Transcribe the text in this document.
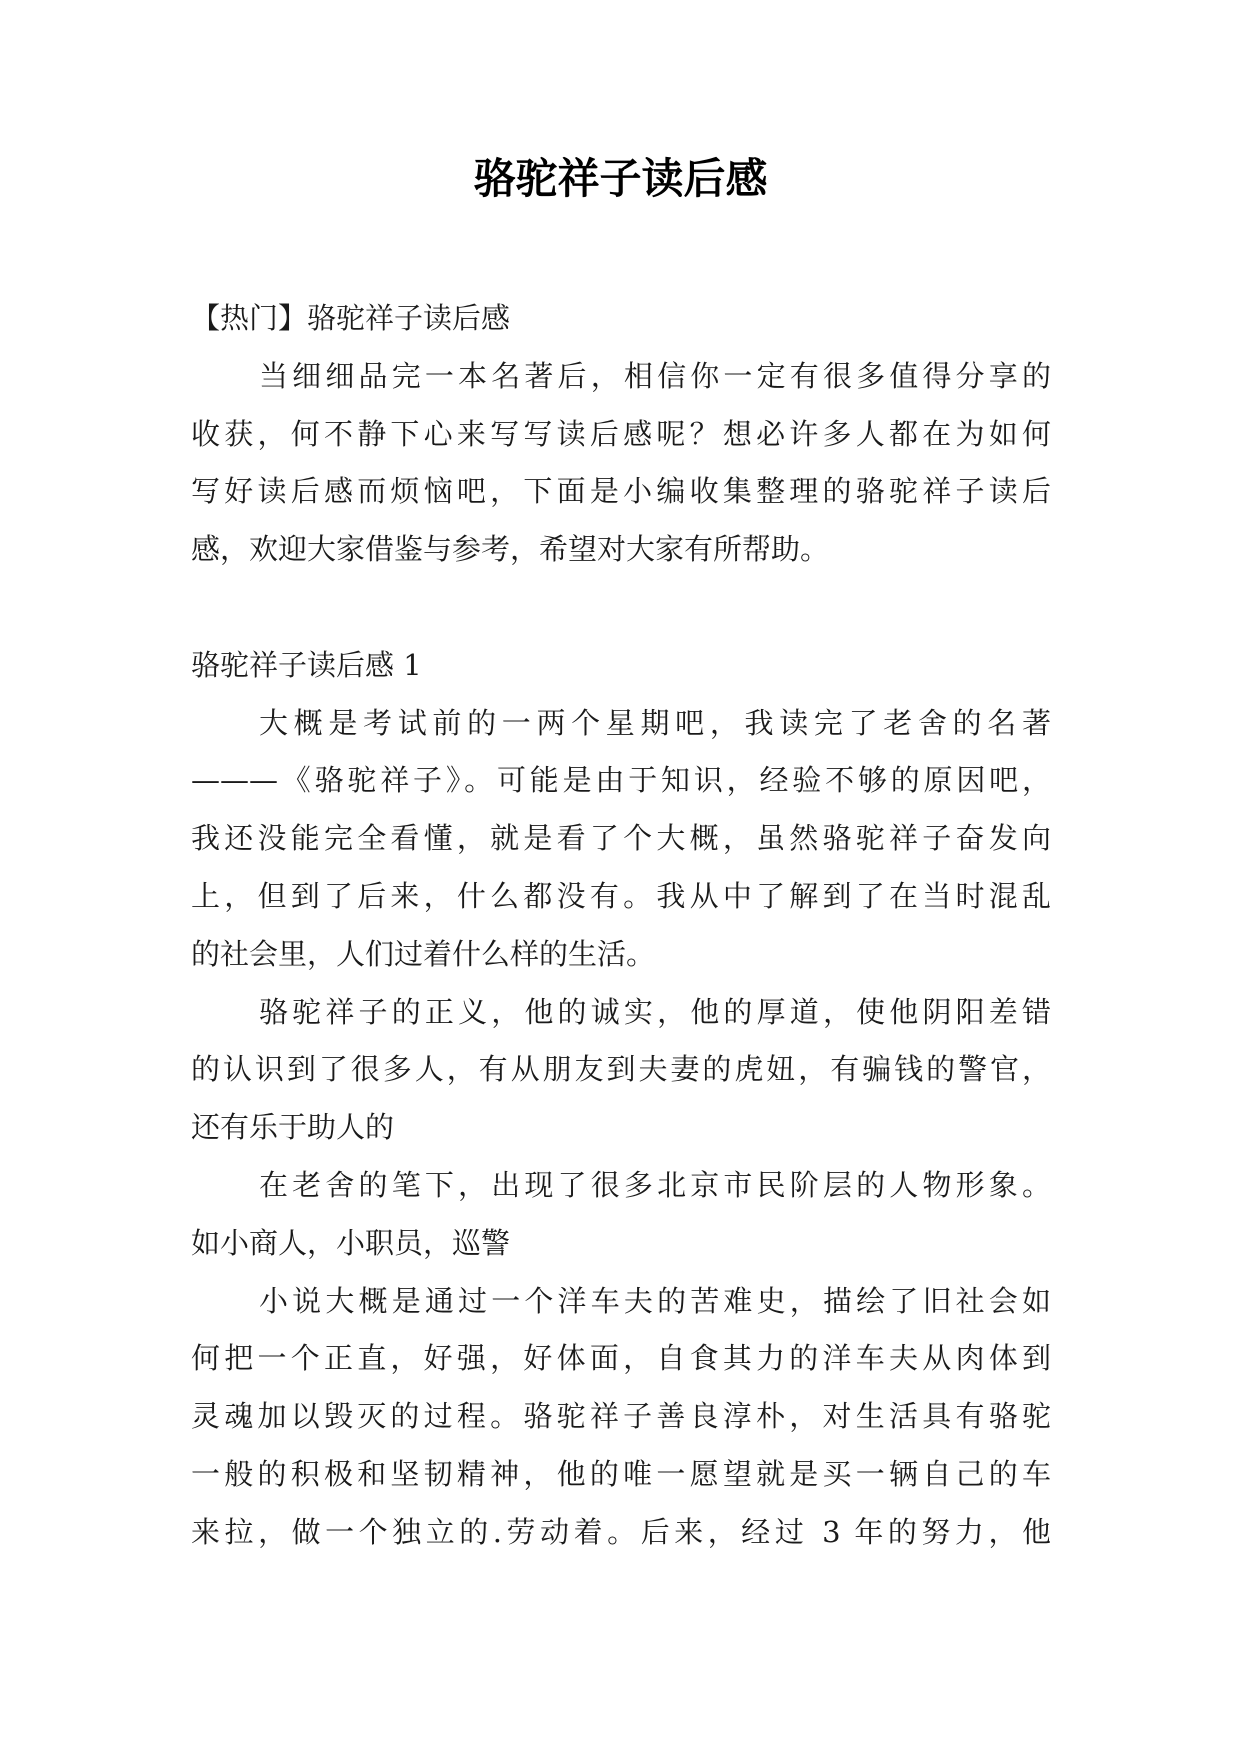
骆驼祥子读后感
【热门】骆驼祥子读后感
当细细品完一本名著后，相信你一定有很多值得分享的
收获，何不静下心来写写读后感呢？想必许多人都在为如何
写好读后感而烦恼吧，下面是小编收集整理的骆驼祥子读后
感，欢迎大家借鉴与参考，希望对大家有所帮助。
骆驼祥子读后感 1
大概是考试前的一两个星期吧，我读完了老舍的名著
———《骆驼祥子》。可能是由于知识，经验不够的原因吧，
我还没能完全看懂，就是看了个大概，虽然骆驼祥子奋发向
上，但到了后来，什么都没有。我从中了解到了在当时混乱
的社会里，人们过着什么样的生活。
骆驼祥子的正义，他的诚实，他的厚道，使他阴阳差错
的认识到了很多人，有从朋友到夫妻的虎妞，有骗钱的警官，
还有乐于助人的
在老舍的笔下，出现了很多北京市民阶层的人物形象。
如小商人，小职员，巡警
小说大概是通过一个洋车夫的苦难史，描绘了旧社会如
何把一个正直，好强，好体面，自食其力的洋车夫从肉体到
灵魂加以毁灭的过程。骆驼祥子善良淳朴，对生活具有骆驼
一般的积极和坚韧精神，他的唯一愿望就是买一辆自己的车
来拉，做一个独立的.劳动着。后来，经过 3 年的努力，他
